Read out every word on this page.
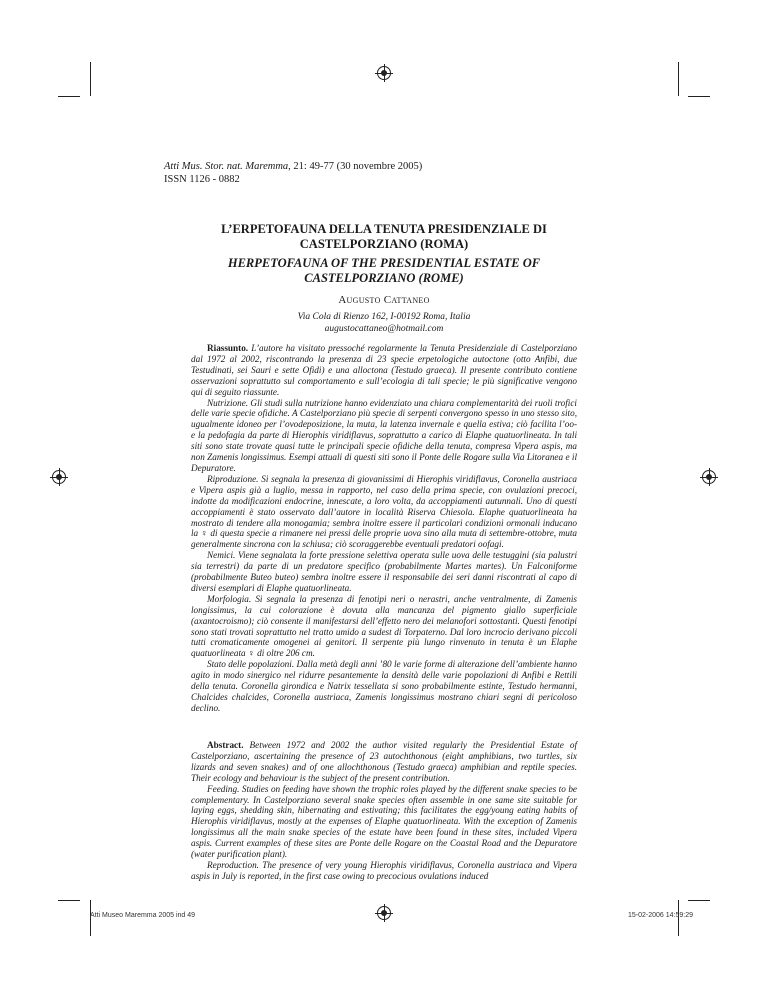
Atti Mus. Stor. nat. Maremma, 21: 49-77 (30 novembre 2005)
ISSN 1126 - 0882
L’ERPETOFAUNA DELLA TENUTA PRESIDENZIALE DI
CASTELPORZIANO (ROMA)
HERPETOFAUNA OF THE PRESIDENTIAL ESTATE OF
CASTELPORZIANO (ROME)
Augusto Cattaneo
Via Cola di Rienzo 162, I-00192 Roma, Italia
augustocattaneo@hotmail.com

Riassunto. L’autore ha visitato pressoché regolarmente la Tenuta Presidenziale di Castelporziano dal 1972 al 2002, riscontrando la presenza di 23 specie erpetologiche autoctone (otto Anfibi, due Testudinati, sei Sauri e sette Ofidi) e una alloctona (Testudo graeca). Il presente contributo contiene osservazioni soprattutto sul comportamento e sull’ecologia di tali specie; le più significative vengono qui di seguito riassunte.

Nutrizione. Gli studi sulla nutrizione hanno evidenziato una chiara complementarità dei ruoli trofici delle varie specie ofidiche. A Castelporziano più specie di serpenti convergono spesso in uno stesso sito, ugualmente idoneo per l’ovodeposizione, la muta, la latenza invernale e quella estiva; ciò facilita l’oo- e la pedofagia da parte di Hierophis viridiflavus, soprattutto a carico di Elaphe quatuorlineata. In tali siti sono state trovate quasi tutte le principali specie ofidiche della tenuta, compresa Vipera aspis, ma non Zamenis longissimus. Esempi attuali di questi siti sono il Ponte delle Rogare sulla Via Litoranea e il Depuratore.

Riproduzione. Si segnala la presenza di giovanissimi di Hierophis viridiflavus, Coronella austriaca e Vipera aspis già a luglio, messa in rapporto, nel caso della prima specie, con ovulazioni precoci, indotte da modificazioni endocrine, innescate, a loro volta, da accoppiamenti autunnali. Uno di questi accoppiamenti è stato osservato dall’autore in località Riserva Chiesola. Elaphe quatuorlineata ha mostrato di tendere alla monogamia; sembra inoltre essere il particolari condizioni ormonali inducano la ♀ di questa specie a rimanere nei pressi delle proprie uova sino alla muta di settembre-ottobre, muta generalmente sincrona con la schiusa; ciò scoraggerebbe eventuali predatori oofagi.

Nemici. Viene segnalata la forte pressione selettiva operata sulle uova delle testuggini (sia palustri sia terrestri) da parte di un predatore specifico (probabilmente Martes martes). Un Falconiforme (probabilmente Buteo buteo) sembra inoltre essere il responsabile dei seri danni riscontrati al capo di diversi esemplari di Elaphe quatuorlineata.

Morfologia. Si segnala la presenza di fenotipi neri o nerastri, anche ventralmente, di Zamenis longissimus, la cui colorazione è dovuta alla mancanza del pigmento giallo superficiale (axantocroismo); ciò consente il manifestarsi dell’effetto nero dei melanofori sottostanti. Questi fenotipi sono stati trovati soprattutto nel tratto umido a sudest di Torpaterno. Dal loro incrocio derivano piccoli tutti cromaticamente omogenei ai genitori. Il serpente più lungo rinvenuto in tenuta è un Elaphe quatuorlineata ♀ di oltre 206 cm.

Stato delle popolazioni. Dalla metà degli anni ’80 le varie forme di alterazione dell’ambiente hanno agito in modo sinergico nel ridurre pesantemente la densità delle varie popolazioni di Anfibi e Rettili della tenuta. Coronella girondica e Natrix tessellata si sono probabilmente estinte, Testudo hermanni, Chalcides chalcides, Coronella austriaca, Zamenis longissimus mostrano chiari segni di pericoloso declino.

Abstract. Between 1972 and 2002 the author visited regularly the Presidential Estate of Castelporziano, ascertaining the presence of 23 autochthonous (eight amphibians, two turtles, six lizards and seven snakes) and of one allochthonous (Testudo graeca) amphibian and reptile species. Their ecology and behaviour is the subject of the present contribution.

Feeding. Studies on feeding have shown the trophic roles played by the different snake species to be complementary. In Castelporziano several snake species often assemble in one same site suitable for laying eggs, shedding skin, hibernating and estivating; this facilitates the egg/young eating habits of Hierophis viridiflavus, mostly at the expenses of Elaphe quatuorlineata. With the exception of Zamenis longissimus all the main snake species of the estate have been found in these sites, included Vipera aspis. Current examples of these sites are Ponte delle Rogare on the Coastal Road and the Depuratore (water purification plant).

Reproduction. The presence of very young Hierophis viridiflavus, Coronella austriaca and Vipera aspis in July is reported, in the first case owing to precocious ovulations induced

Atti Museo Maremma 2005 ind 49	15-02-2006 14:59:29
